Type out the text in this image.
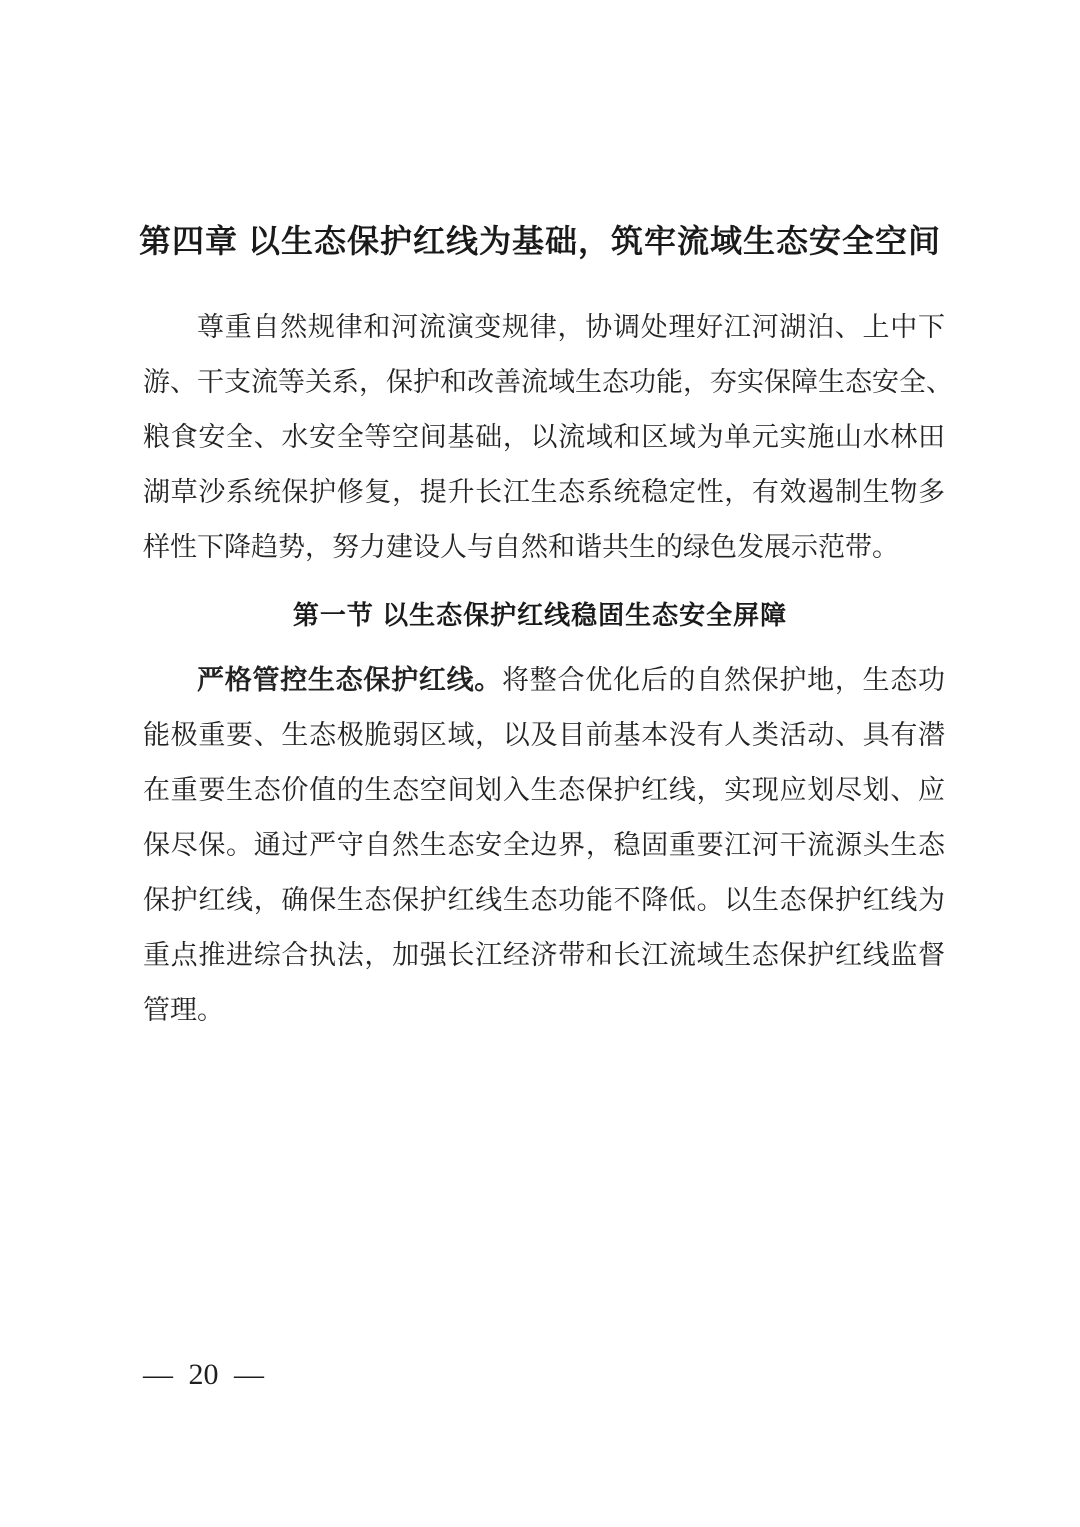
第四章 以生态保护红线为基础，筑牢流域生态安全空间
尊重自然规律和河流演变规律，协调处理好江河湖泊、上中下
游、干支流等关系，保护和改善流域生态功能，夯实保障生态安全、
粮食安全、水安全等空间基础，以流域和区域为单元实施山水林田
湖草沙系统保护修复，提升长江生态系统稳定性，有效遏制生物多
样性下降趋势，努力建设人与自然和谐共生的绿色发展示范带。
第一节 以生态保护红线稳固生态安全屏障
严格管控生态保护红线。将整合优化后的自然保护地，生态功
能极重要、生态极脆弱区域，以及目前基本没有人类活动、具有潜
在重要生态价值的生态空间划入生态保护红线，实现应划尽划、应
保尽保。通过严守自然生态安全边界，稳固重要江河干流源头生态
保护红线，确保生态保护红线生态功能不降低。以生态保护红线为
重点推进综合执法，加强长江经济带和长江流域生态保护红线监督
管理。
— 20 —
